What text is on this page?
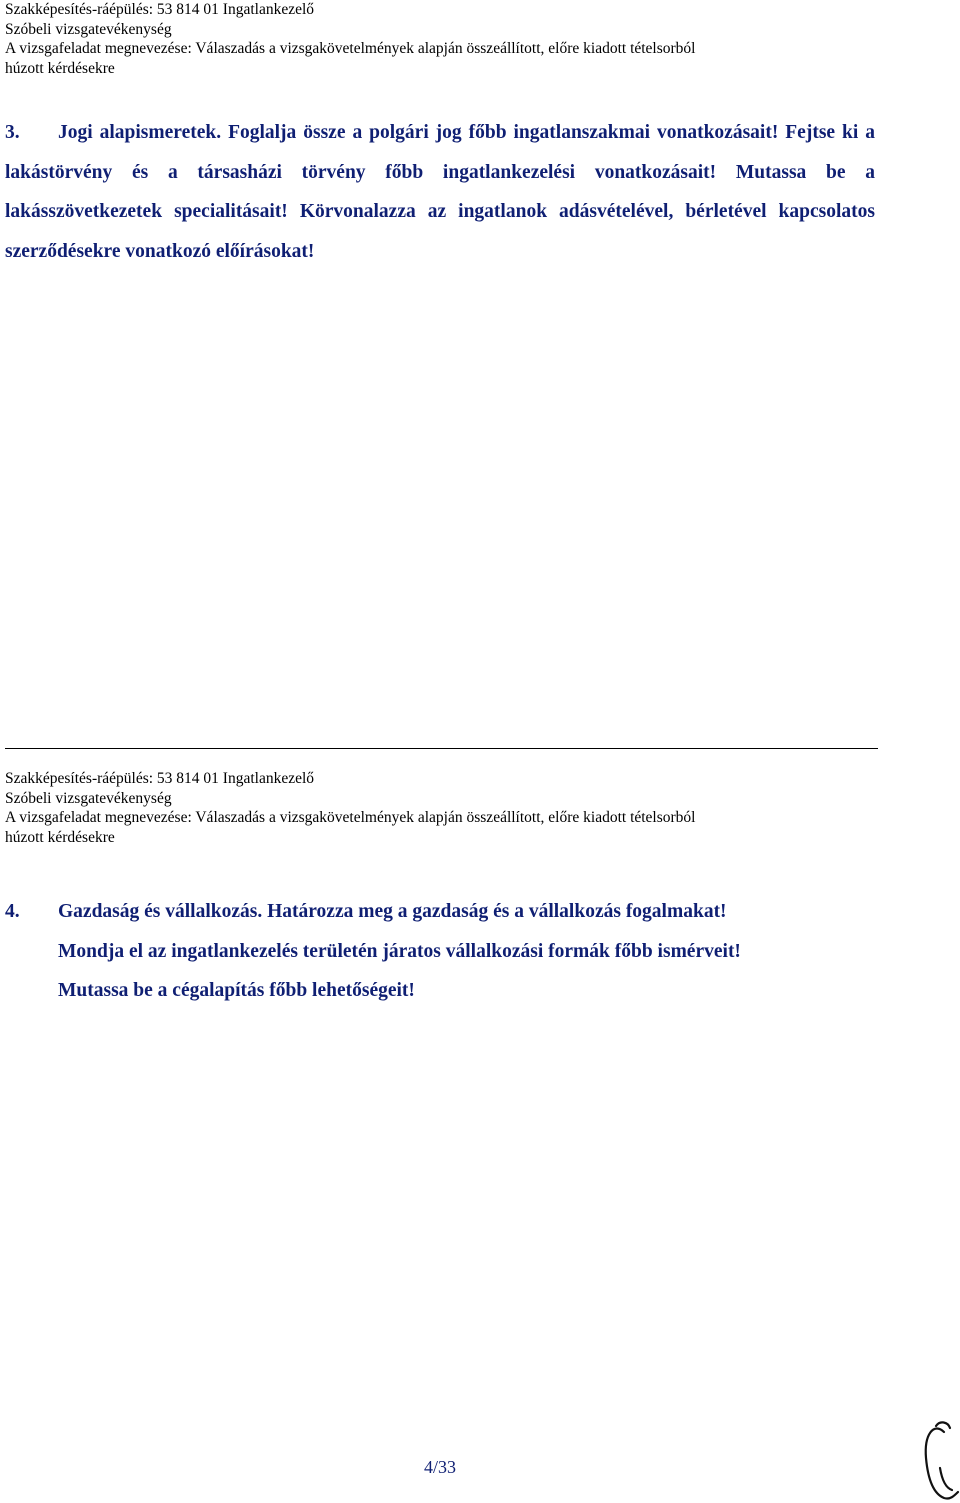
Szakképesítés-ráépülés: 53 814 01 Ingatlankezelő
Szóbeli vizsgatevékenység
A vizsgafeladat megnevezése: Válaszadás a vizsgakövetelmények alapján összeállított, előre kiadott tételsorból
húzott kérdésekre

3. Jogi alapismeretek. Foglalja össze a polgári jog főbb ingatlanszakmai vonatkozásait! Fejtse ki a lakástörvény és a társasházi törvény főbb ingatlankezelési vonatkozásait! Mutassa be a lakásszövetkezetek specialitásait! Körvonalazza az ingatlanok adásvételével, bérletével kapcsolatos szerződésekre vonatkozó előírásokat!

Szakképesítés-ráépülés: 53 814 01 Ingatlankezelő
Szóbeli vizsgatevékenység
A vizsgafeladat megnevezése: Válaszadás a vizsgakövetelmények alapján összeállított, előre kiadott tételsorból
húzott kérdésekre
4. Gazdaság és vállalkozás. Határozza meg a gazdaság és a vállalkozás fogalmakat!
Mondja el az ingatlankezelés területén járatos vállalkozási formák főbb ismérveit!
Mutassa be a cégalapítás főbb lehetőségeit!
4/33
